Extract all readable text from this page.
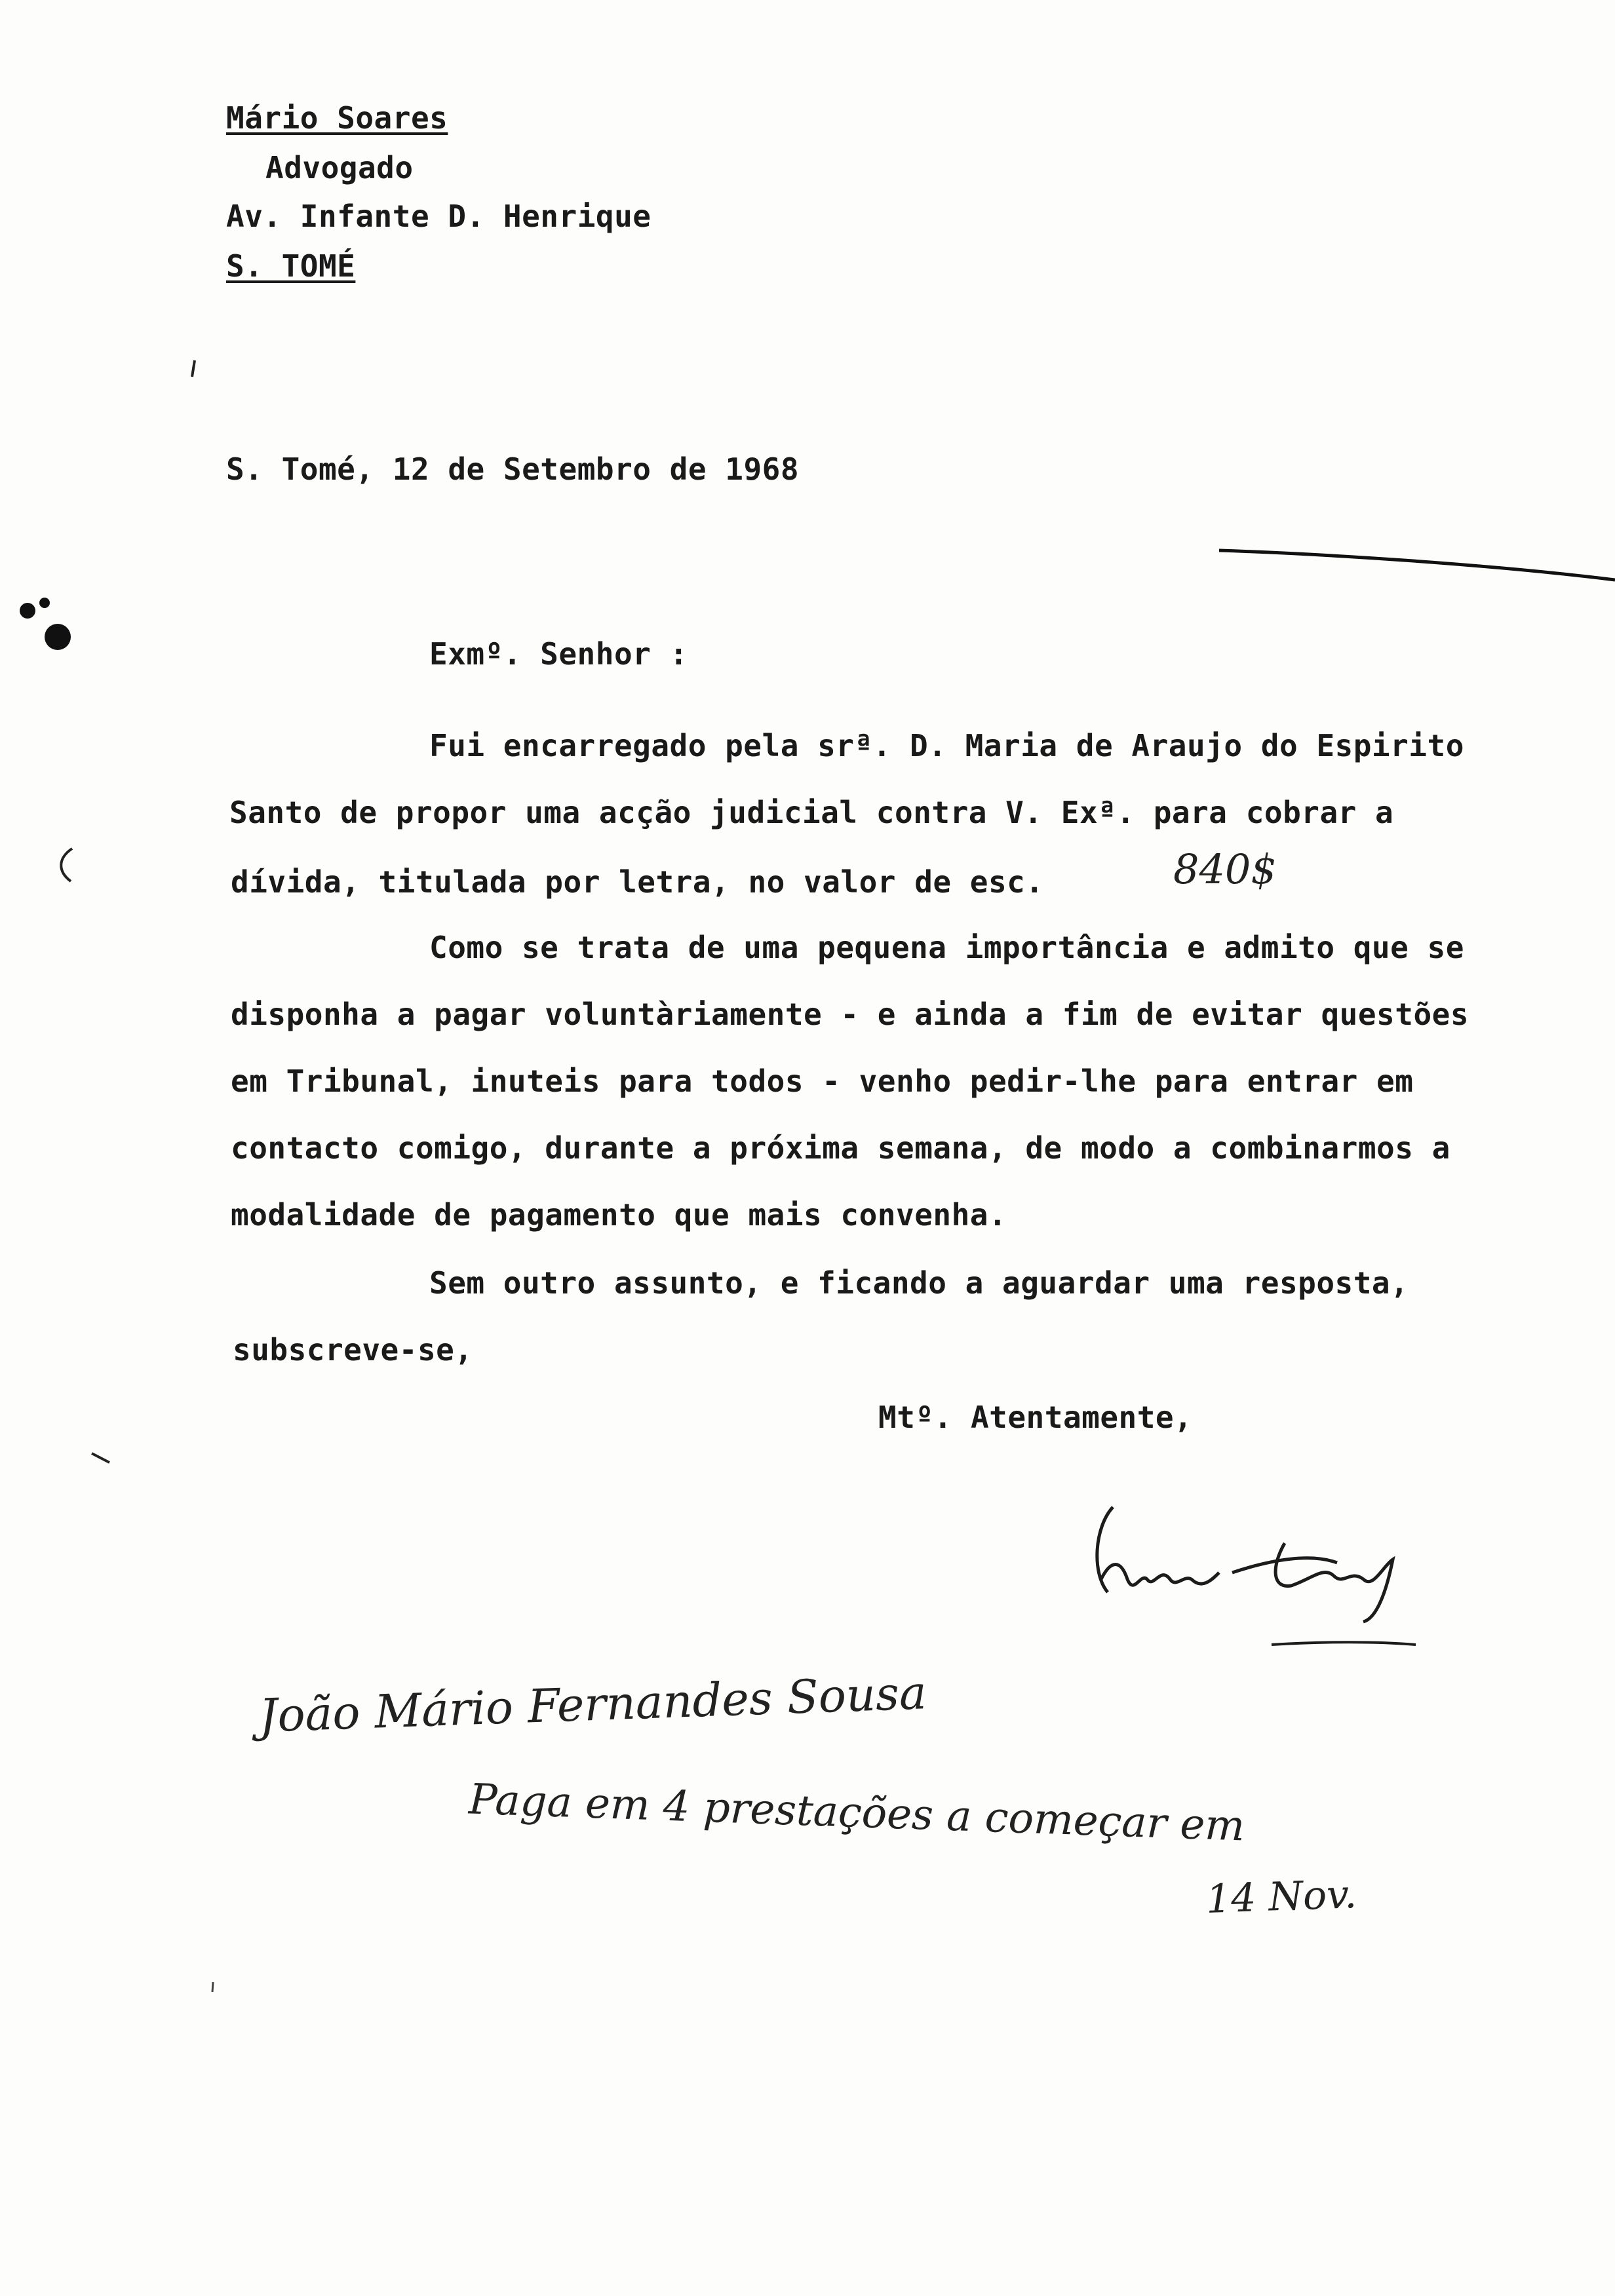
Mário Soares
Advogado
Av. Infante D. Henrique
S. TOMÉ
S. Tomé, 12 de Setembro de 1968
Exmº. Senhor :
Fui encarregado pela srª. D. Maria de Araujo do Espirito
Santo de propor uma acção judicial contra V. Exª. para cobrar a
dívida, titulada por letra, no valor de esc.	840$
Como se trata de uma pequena importância e admito que se
disponha a pagar voluntàriamente - e ainda a fim de evitar questões
em Tribunal, inuteis para todos - venho pedir-lhe para entrar em
contacto comigo, durante a próxima semana, de modo a combinarmos a
modalidade de pagamento que mais convenha.
Sem outro assunto, e ficando a aguardar uma resposta,
subscreve-se,
Mtº. Atentamente,
João Mário Fernandes Sousa
Paga em 4 prestações a começar em
14 Nov.
